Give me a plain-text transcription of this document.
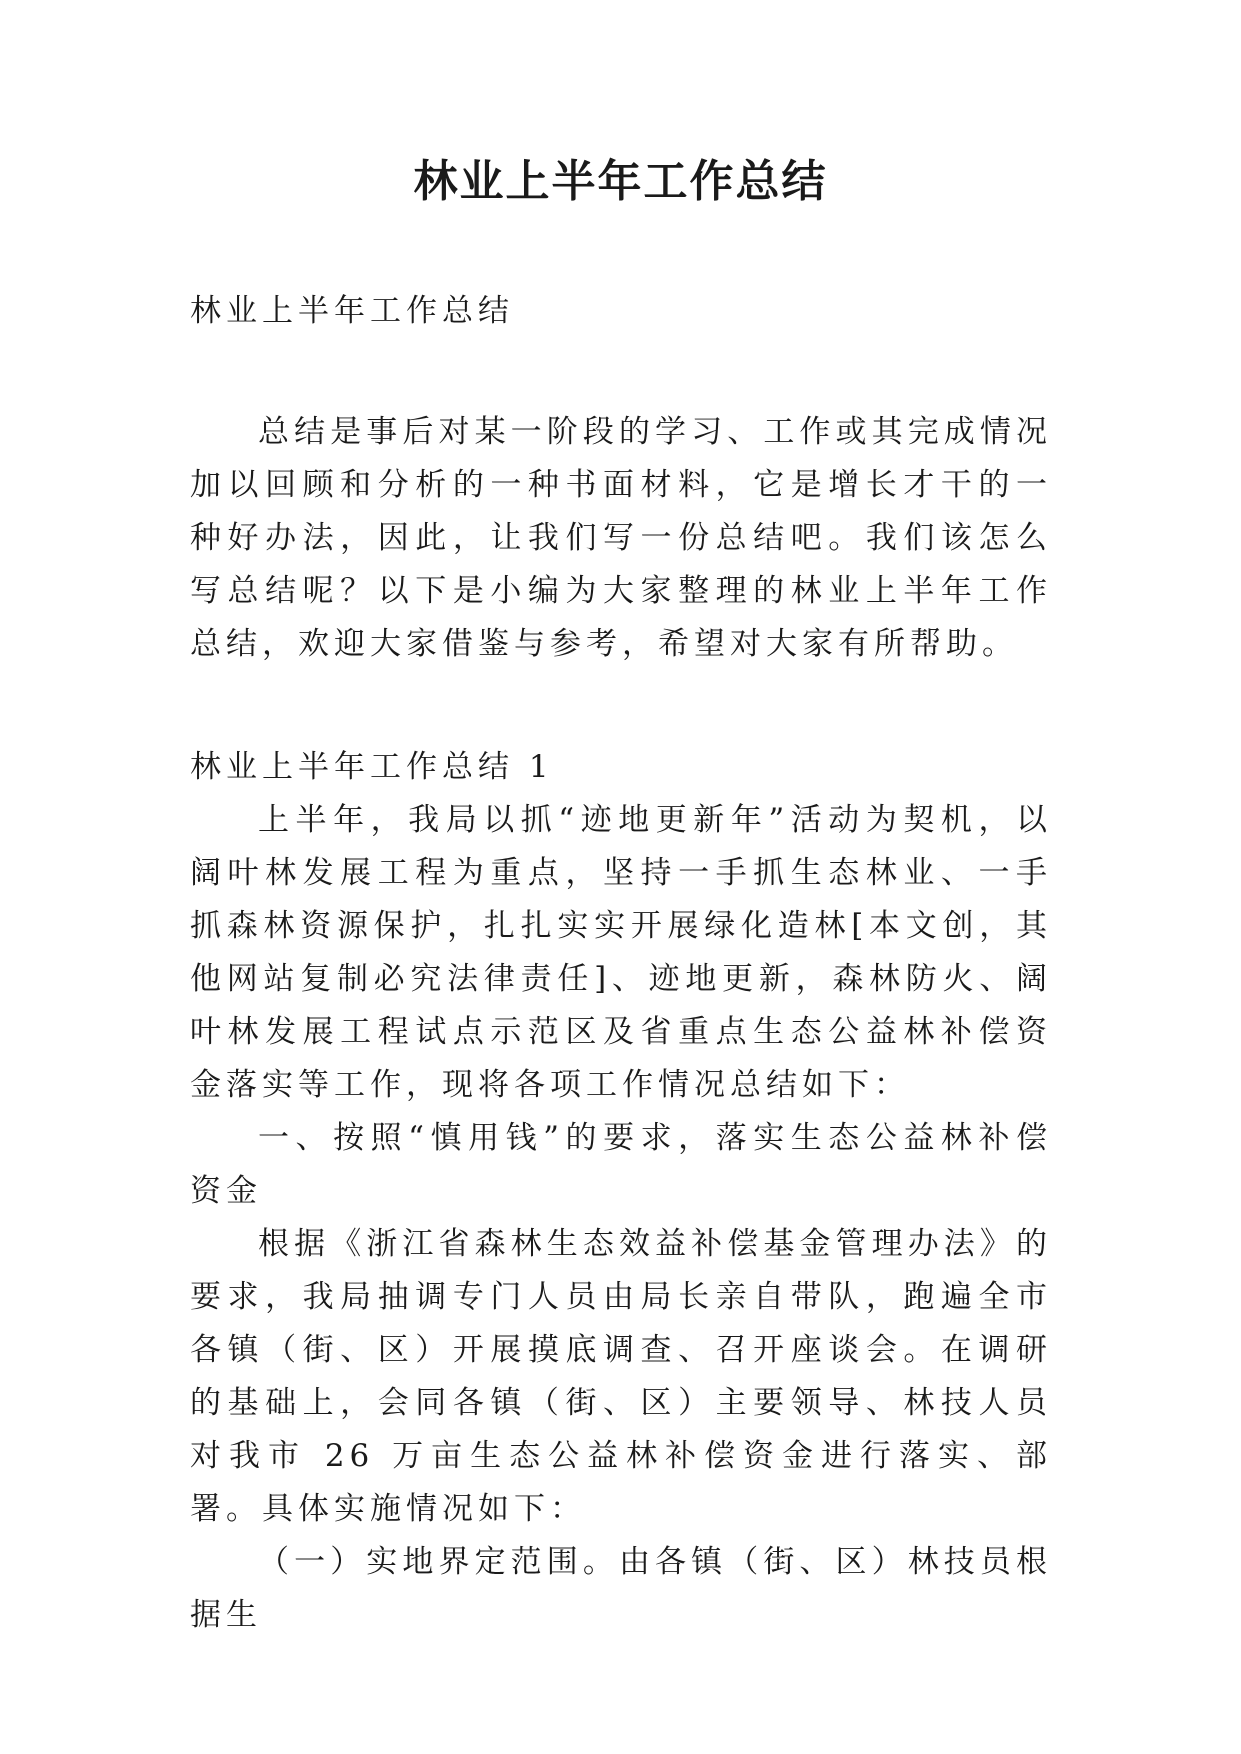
林业上半年工作总结

林业上半年工作总结

总结是事后对某一阶段的学习、工作或其完成情况加以回顾和分析的一种书面材料，它是增长才干的一种好办法，因此，让我们写一份总结吧。我们该怎么写总结呢？以下是小编为大家整理的林业上半年工作总结，欢迎大家借鉴与参考，希望对大家有所帮助。

林业上半年工作总结 1

上半年，我局以抓“迹地更新年”活动为契机，以阔叶林发展工程为重点，坚持一手抓生态林业、一手抓森林资源保护，扎扎实实开展绿化造林[本文创，其他网站复制必究法律责任]、迹地更新，森林防火、阔叶林发展工程试点示范区及省重点生态公益林补偿资金落实等工作，现将各项工作情况总结如下：

一、按照“慎用钱”的要求，落实生态公益林补偿资金

根据《浙江省森林生态效益补偿基金管理办法》的要求，我局抽调专门人员由局长亲自带队，跑遍全市各镇（街、区）开展摸底调查、召开座谈会。在调研的基础上，会同各镇（街、区）主要领导、林技人员对我市 26 万亩生态公益林补偿资金进行落实、部署。具体实施情况如下：

（一）实地界定范围。由各镇（街、区）林技员根据生
